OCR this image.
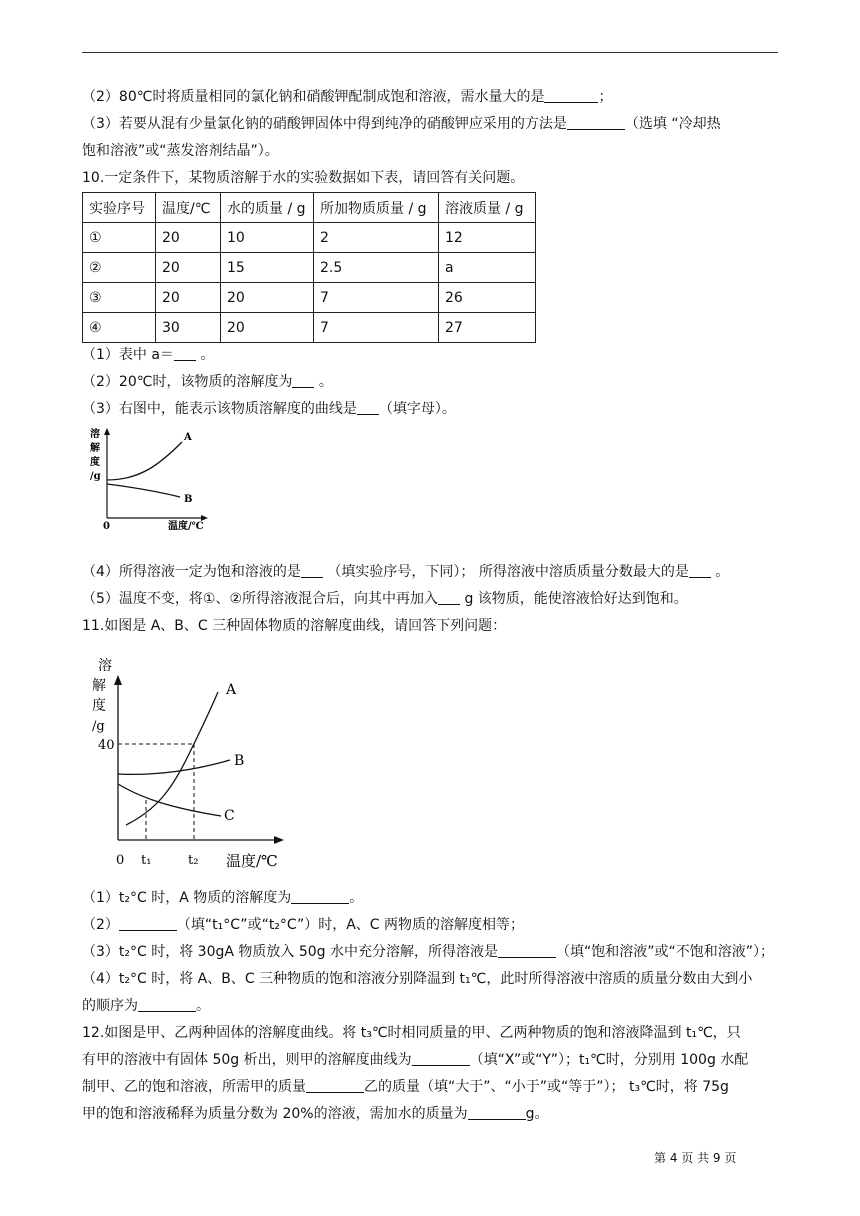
（2）80℃时将质量相同的氯化钠和硝酸钾配制成饱和溶液，需水量大的是	；
（3）若要从混有少量氯化钠的硝酸钾固体中得到纯净的硝酸钾应采用的方法是	（选填 “冷却热
饱和溶液”或“蒸发溶剂结晶”）。
10.一定条件下，某物质溶解于水的实验数据如下表，请回答有关问题。
实验序号	温度/℃	水的质量 / g	所加物质质量 / g	溶液质量 / g
①	20	10	2	12
②	20	15	2.5	a
③	20	20	7	26
④	30	20	7	27
（1）表中 a＝ 。
（2）20℃时，该物质的溶解度为 。
（3）右图中，能表示该物质溶解度的曲线是 （填字母）。
溶
解
度
/g
A
B
0	温度/℃
（4）所得溶液一定为饱和溶液的是 （填实验序号，下同）； 所得溶液中溶质质量分数最大的是 。
（5）温度不变，将①、②所得溶液混合后，向其中再加入 g 该物质，能使溶液恰好达到饱和。
11.如图是 A、B、C 三种固体物质的溶解度曲线，请回答下列问题：
溶
解
度
/g
40
A
B
C
0 t₁	t₂ 温度/℃
（1）t₂°C 时，A 物质的溶解度为	。
（2）	（填“t₁°C”或“t₂°C”）时，A、C 两物质的溶解度相等；
（3）t₂°C 时，将 30gA 物质放入 50g 水中充分溶解，所得溶液是	（填“饱和溶液”或“不饱和溶液”）；
（4）t₂°C 时，将 A、B、C 三种物质的饱和溶液分别降温到 t₁℃，此时所得溶液中溶质的质量分数由大到小
的顺序为	。
12.如图是甲、乙两种固体的溶解度曲线。将 t₃℃时相同质量的甲、乙两种物质的饱和溶液降温到 t₁℃，只
有甲的溶液中有固体 50g 析出，则甲的溶解度曲线为	（填“X”或“Y”）；t₁℃时，分别用 100g 水配
制甲、乙的饱和溶液，所需甲的质量	乙的质量（填“大于”、“小于”或“等于”）； t₃℃时，将 75g
甲的饱和溶液稀释为质量分数为 20%的溶液，需加水的质量为	g。
第 4 页 共 9 页
